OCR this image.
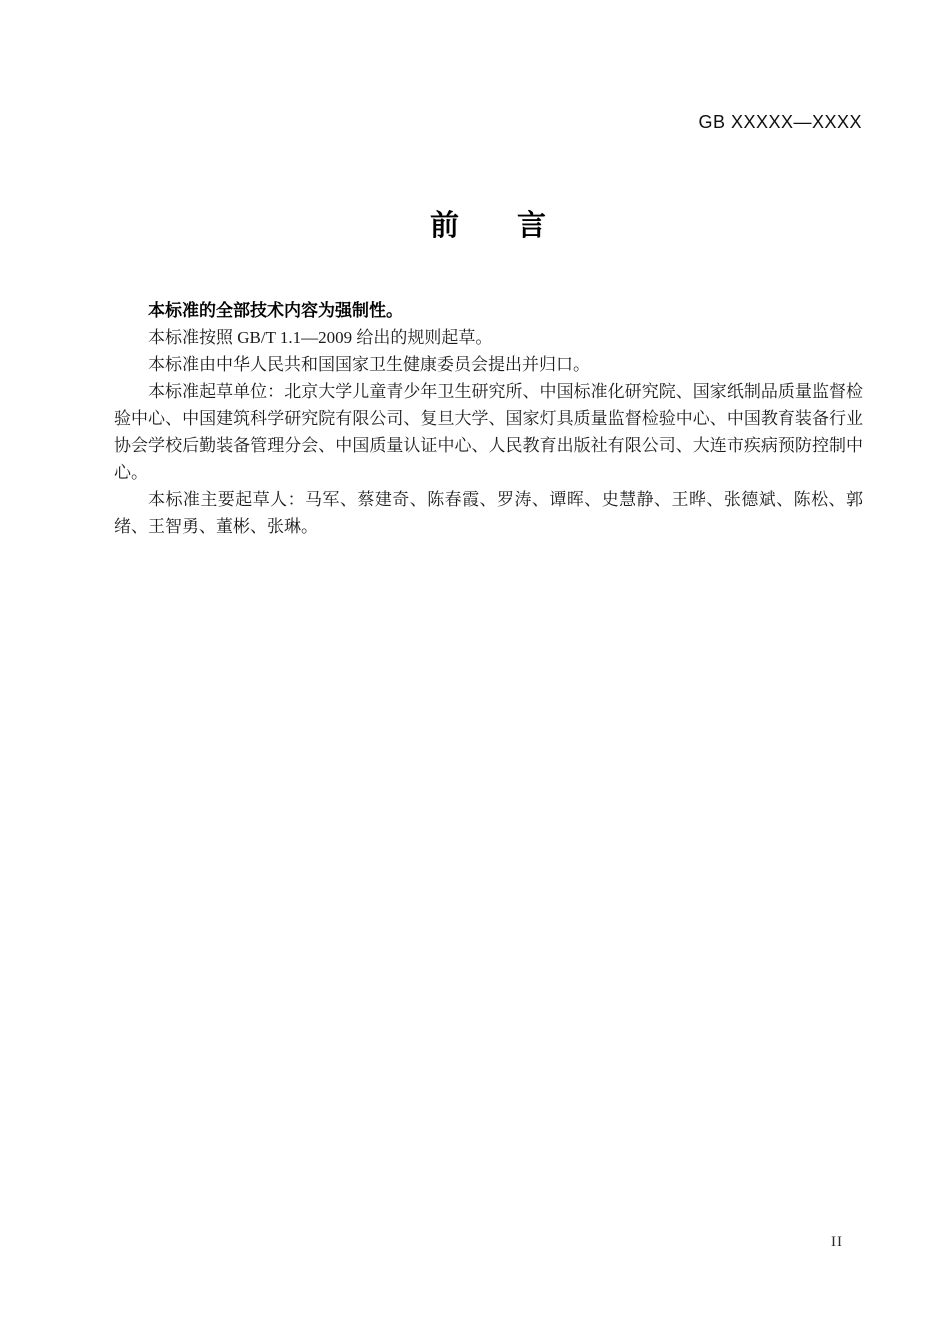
GB XXXXX—XXXX
前　　言

本标准的全部技术内容为强制性。

本标准按照 GB/T 1.1—2009 给出的规则起草。

本标准由中华人民共和国国家卫生健康委员会提出并归口。

本标准起草单位：北京大学儿童青少年卫生研究所、中国标准化研究院、国家纸制品质量监督检验中心、中国建筑科学研究院有限公司、复旦大学、国家灯具质量监督检验中心、中国教育装备行业协会学校后勤装备管理分会、中国质量认证中心、人民教育出版社有限公司、大连市疾病预防控制中心。

本标准主要起草人：马军、蔡建奇、陈春霞、罗涛、谭晖、史慧静、王晔、张德斌、陈松、郭绪、王智勇、董彬、张琳。

II
